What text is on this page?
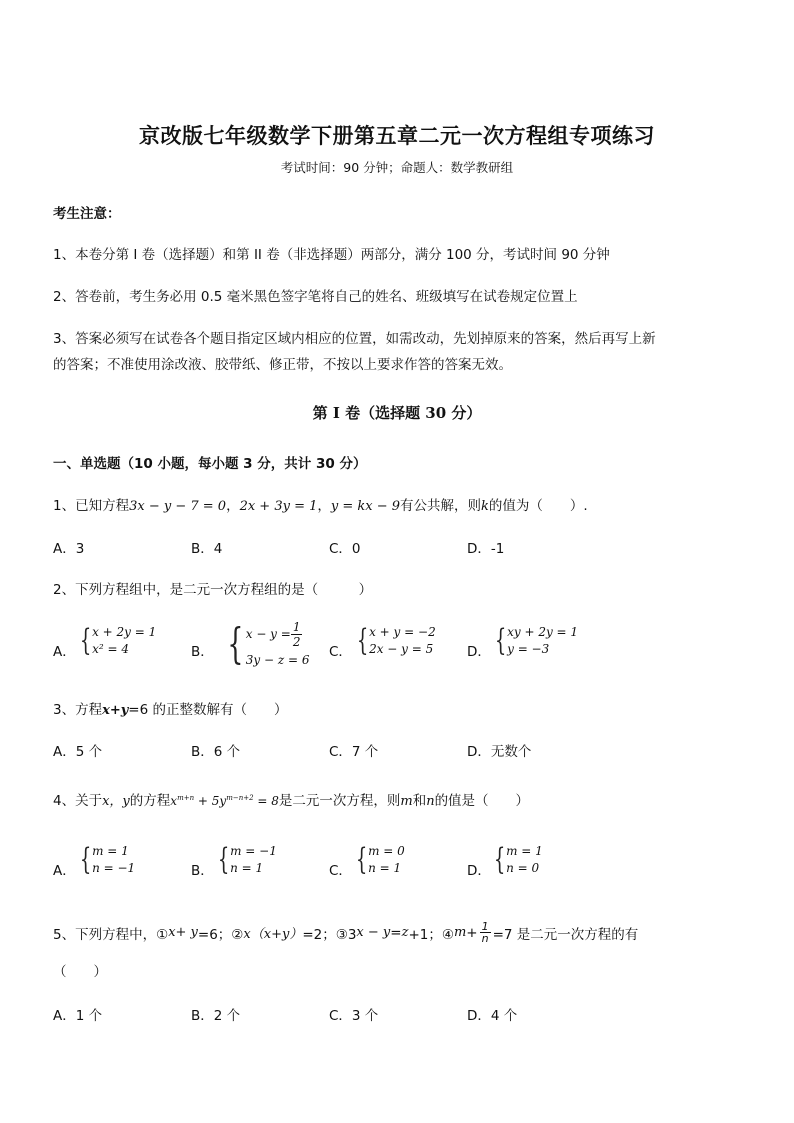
京改版七年级数学下册第五章二元一次方程组专项练习
考试时间：90 分钟；命题人：数学教研组
考生注意：
1、本卷分第 I 卷（选择题）和第 II 卷（非选择题）两部分，满分 100 分，考试时间 90 分钟
2、答卷前，考生务必用 0.5 毫米黑色签字笔将自己的姓名、班级填写在试卷规定位置上
3、答案必须写在试卷各个题目指定区域内相应的位置，如需改动，先划掉原来的答案，然后再写上新
的答案；不准使用涂改液、胶带纸、修正带，不按以上要求作答的答案无效。
第 I 卷（选择题 30 分）
一、单选题（10 小题，每小题 3 分，共计 30 分）
1、已知方程3x − y − 7 = 0，2x + 3y = 1，y = kx − 9有公共解，则k的值为（　　）.
A．3	B．4	C．0	D．-1
2、下列方程组中，是二元一次方程组的是（　　　）
A． { x + 2y = 1
x² = 4	B． { $x - y = \frac{1}{2}$
3y − z = 6 C． { x + y = −2
2x − y = 5 D． { xy + 2y = 1
y = −3
3、方程x+y=6 的正整数解有（　　）
A．5 个	B．6 个	C．7 个	D．无数个
4、关于x，y的方程$x^{m+n} + 5y^{m-n+2} = 8$是二元一次方程，则m和n的值是（　　）
A． { m = 1
n = −1	B． { m = −1
n = 1	C． { m = 0
n = 1	D． { m = 1
n = 0
5、下列方程中，① x+ y =6；② x（x+y） =2；③3 x − y = z +1；④ $m + \frac{1}{n} =7$ 是二元一次方程的有
（　　）
A．1 个	B．2 个	C．3 个	D．4 个
